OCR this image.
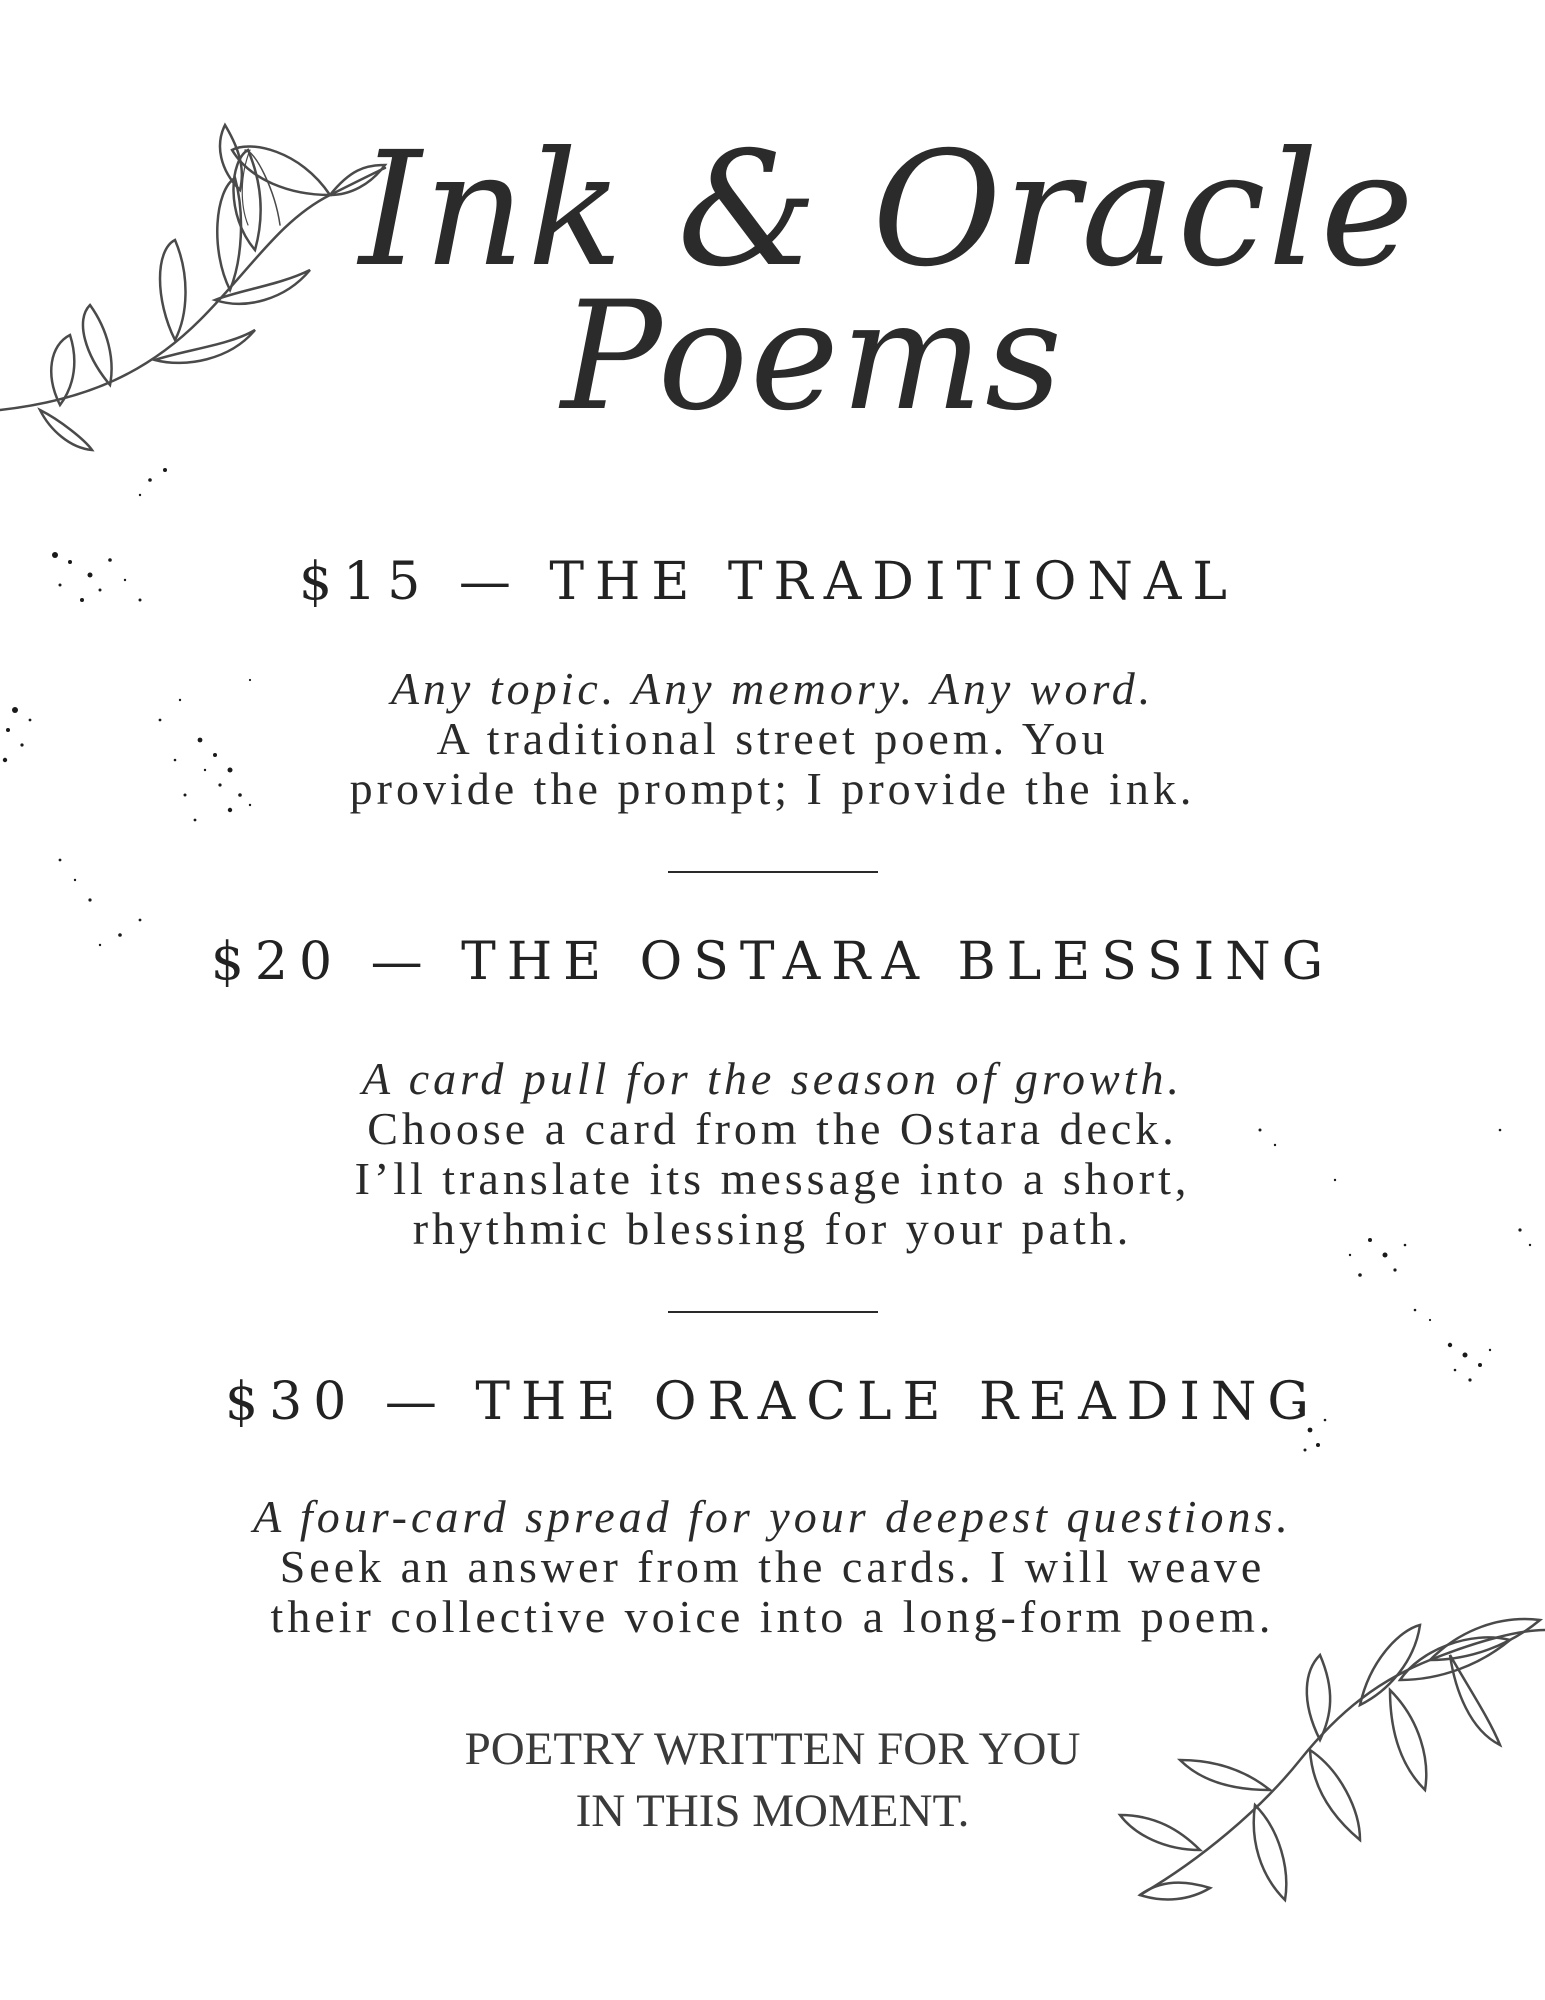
Ink & Oracle
Poems
$15 — THE TRADITIONAL
Any topic. Any memory. Any word.
A traditional street poem. You
provide the prompt; I provide the ink.
$20 — THE OSTARA BLESSING
A card pull for the season of growth.
Choose a card from the Ostara deck.
I’ll translate its message into a short,
rhythmic blessing for your path.
$30 — THE ORACLE READING
A four-card spread for your deepest questions.
Seek an answer from the cards. I will weave
their collective voice into a long-form poem.
POETRY WRITTEN FOR YOU
IN THIS MOMENT.
